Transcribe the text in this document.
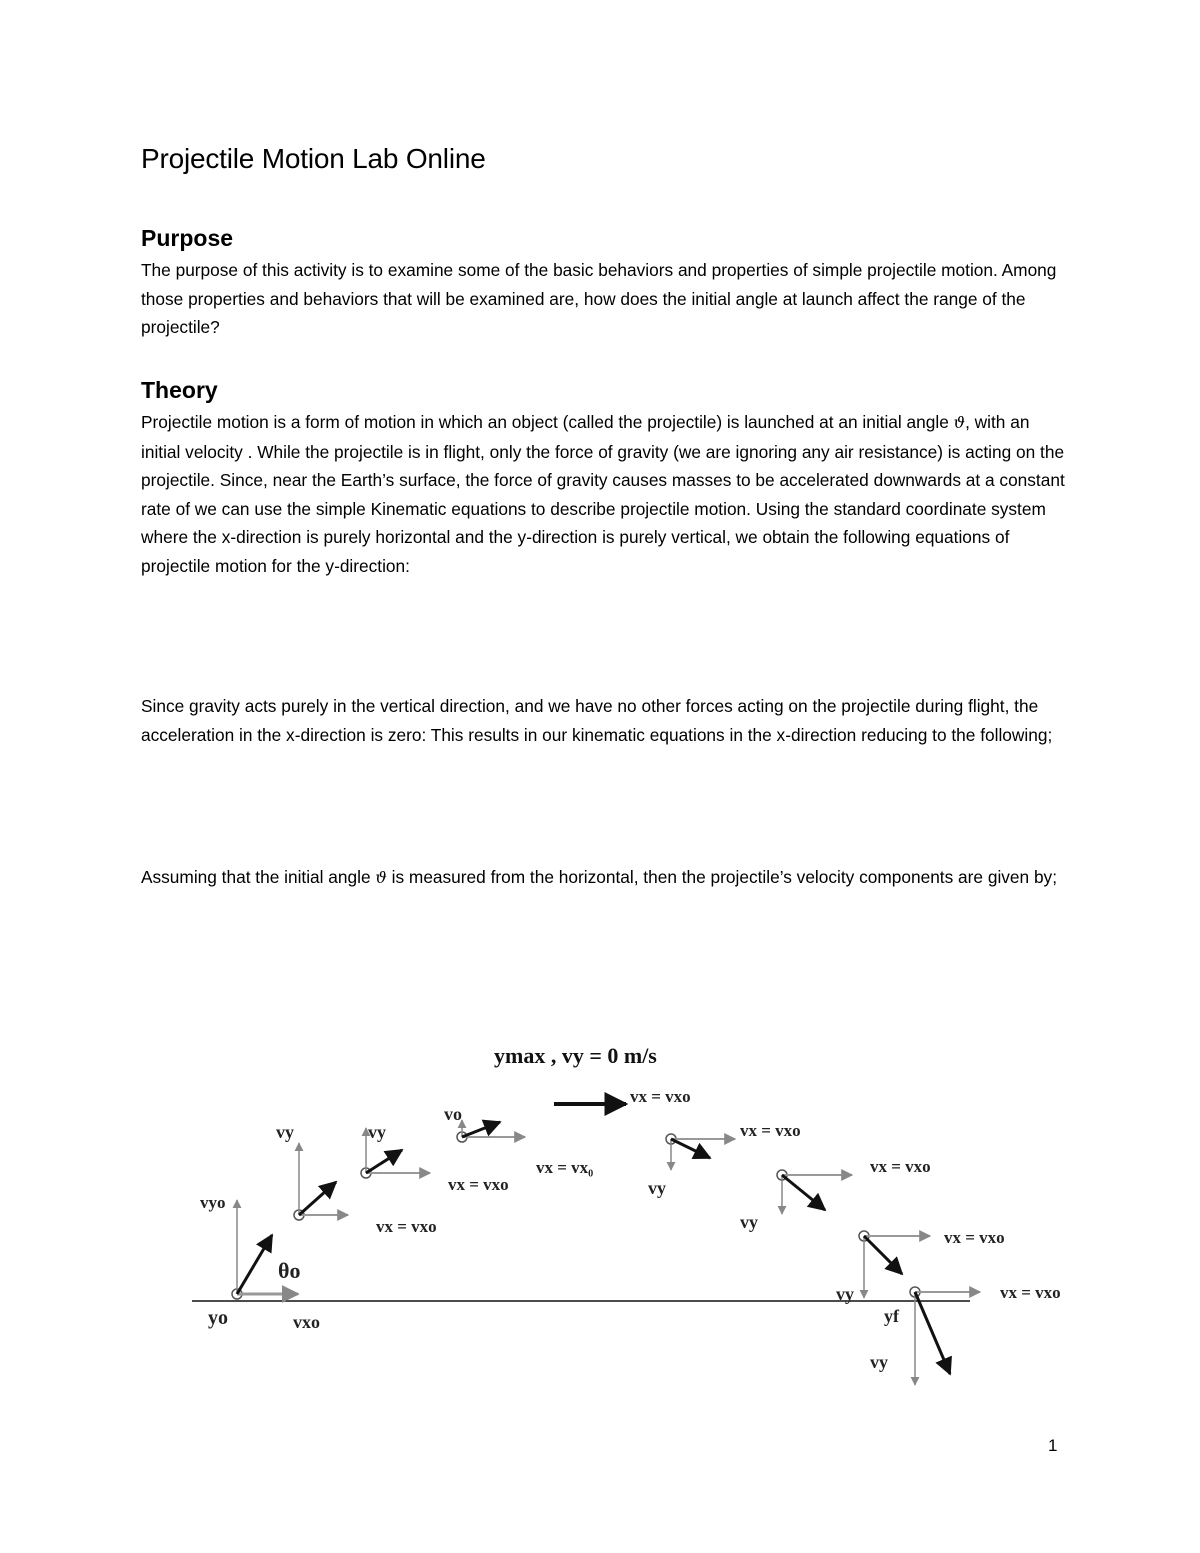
Projectile Motion Lab Online
Purpose

The purpose of this activity is to examine some of the basic behaviors and properties of simple projectile motion. Among those properties and behaviors that will be examined are, how does the initial angle at launch affect the range of the projectile?

Theory

Projectile motion is a form of motion in which an object (called the projectile) is launched at an initial angle ϑ, with an initial velocity . While the projectile is in flight, only the force of gravity (we are ignoring any air resistance) is acting on the projectile. Since, near the Earth’s surface, the force of gravity causes masses to be accelerated downwards at a constant rate of we can use the simple Kinematic equations to describe projectile motion. Using the standard coordinate system where the x-direction is purely horizontal and the y-direction is purely vertical, we obtain the following equations of projectile motion for the y-direction:

Since gravity acts purely in the vertical direction, and we have no other forces acting on the projectile during flight, the acceleration in the x-direction is zero: This results in our kinematic equations in the x-direction reducing to the following;

Assuming that the initial angle ϑ is measured from the horizontal, then the projectile’s velocity components are given by;

ymax , vy = 0 m/s
vyo
θo
yo	vxo
vy
vx = vxo
vy
vx = vxo
vo
vx = vx₀
vx = vxo
vx = vxo
vy
vx = vxo
vy
vx = vxo
vy	vx = vxo
yf
vy
1
